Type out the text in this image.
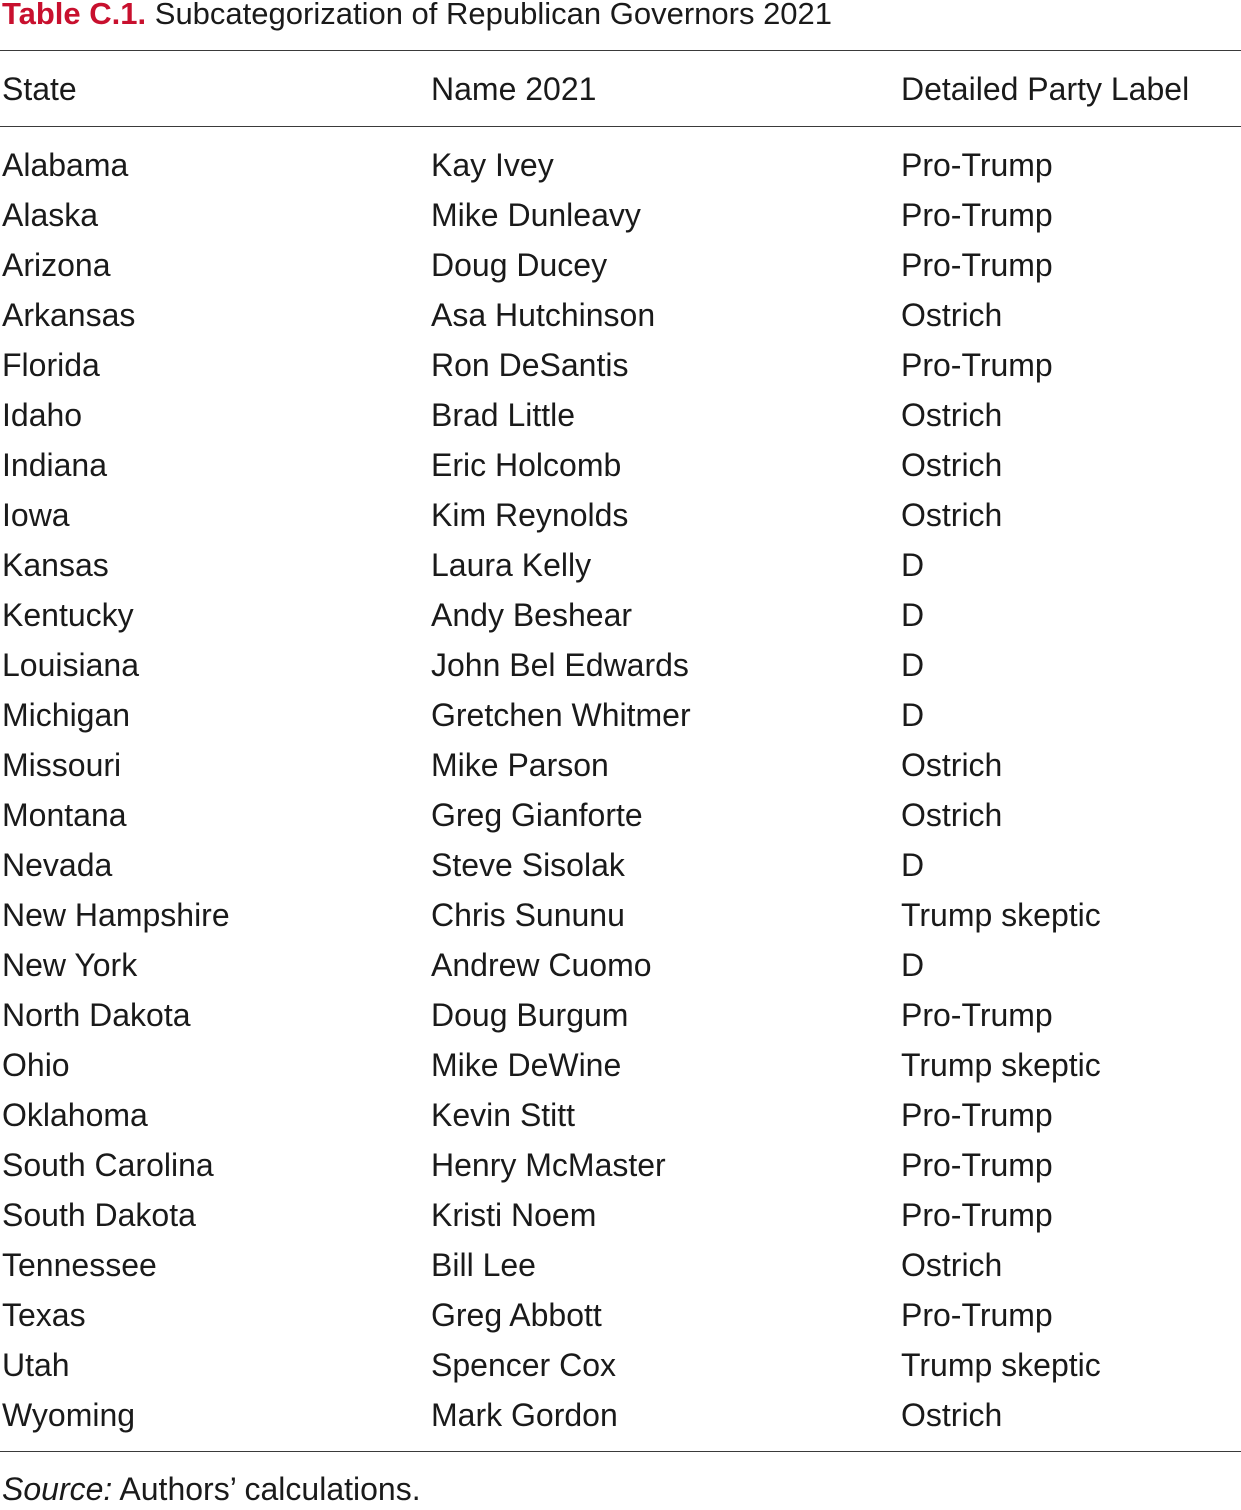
Table C.1. Subcategorization of Republican Governors 2021
State	Name 2021	Detailed Party Label
Alabama	Kay Ivey	Pro-Trump
Alaska	Mike Dunleavy	Pro-Trump
Arizona	Doug Ducey	Pro-Trump
Arkansas	Asa Hutchinson	Ostrich
Florida	Ron DeSantis	Pro-Trump
Idaho	Brad Little	Ostrich
Indiana	Eric Holcomb	Ostrich
Iowa	Kim Reynolds	Ostrich
Kansas	Laura Kelly	D
Kentucky	Andy Beshear	D
Louisiana	John Bel Edwards	D
Michigan	Gretchen Whitmer	D
Missouri	Mike Parson	Ostrich
Montana	Greg Gianforte	Ostrich
Nevada	Steve Sisolak	D
New Hampshire	Chris Sununu	Trump skeptic
New York	Andrew Cuomo	D
North Dakota	Doug Burgum	Pro-Trump
Ohio	Mike DeWine	Trump skeptic
Oklahoma	Kevin Stitt	Pro-Trump
South Carolina	Henry McMaster	Pro-Trump
South Dakota	Kristi Noem	Pro-Trump
Tennessee	Bill Lee	Ostrich
Texas	Greg Abbott	Pro-Trump
Utah	Spencer Cox	Trump skeptic
Wyoming	Mark Gordon	Ostrich
Source: Authors’ calculations.
